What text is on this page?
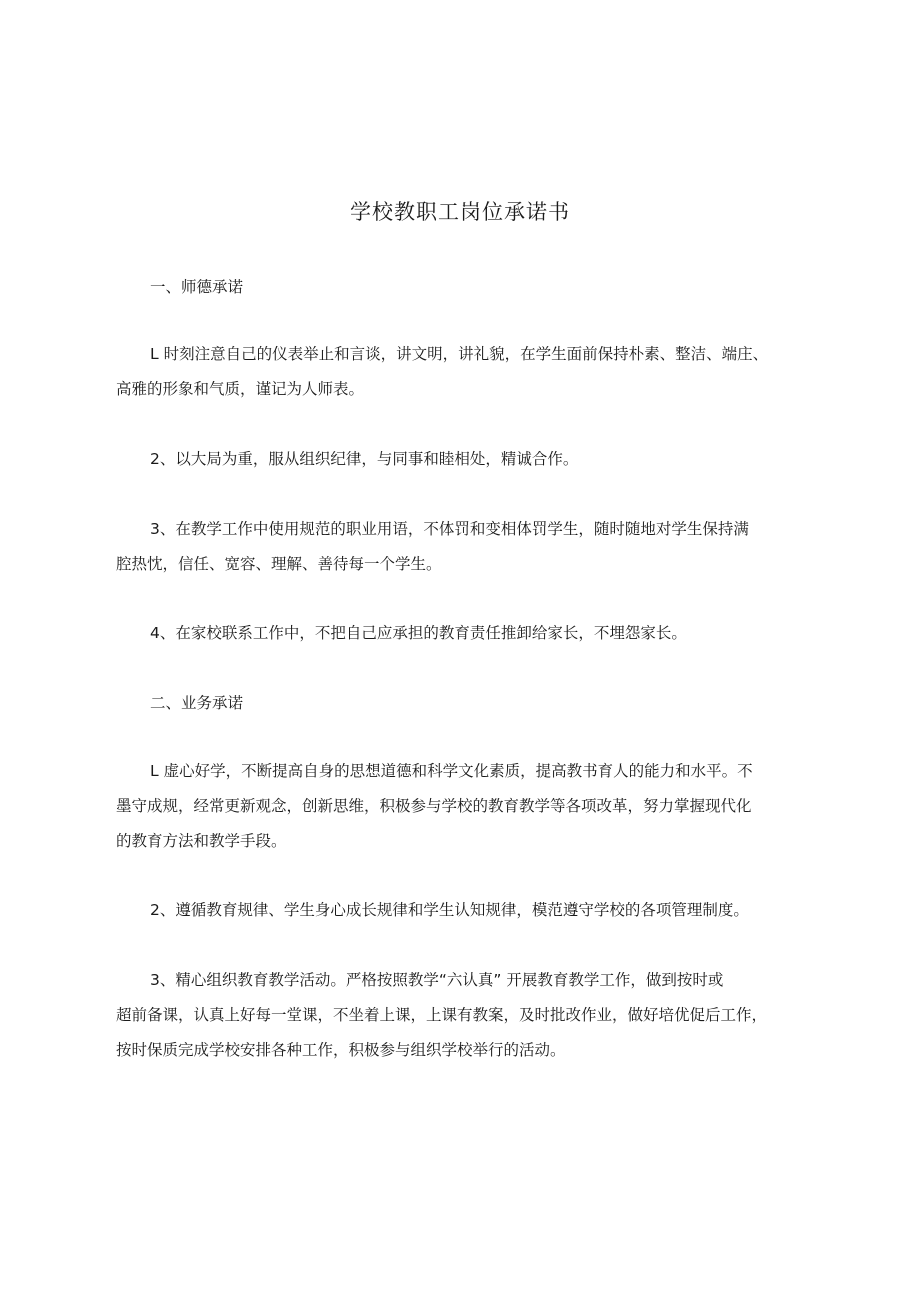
学校教职工岗位承诺书

一、师德承诺

L 时刻注意自己的仪表举止和言谈，讲文明，讲礼貌，在学生面前保持朴素、整洁、端庄、
高雅的形象和气质，谨记为人师表。

2、以大局为重，服从组织纪律，与同事和睦相处，精诚合作。

3、在教学工作中使用规范的职业用语，不体罚和变相体罚学生，随时随地对学生保持满
腔热忱，信任、宽容、理解、善待每一个学生。

4、在家校联系工作中，不把自己应承担的教育责任推卸给家长，不埋怨家长。

二、业务承诺

L 虚心好学，不断提高自身的思想道德和科学文化素质，提高教书育人的能力和水平。不
墨守成规，经常更新观念，创新思维，积极参与学校的教育教学等各项改革，努力掌握现代化
的教育方法和教学手段。

2、遵循教育规律、学生身心成长规律和学生认知规律，模范遵守学校的各项管理制度。

3、精心组织教育教学活动。严格按照教学“六认真” 开展教育教学工作，做到按时或
超前备课，认真上好每一堂课，不坐着上课，上课有教案，及时批改作业，做好培优促后工作，
按时保质完成学校安排各种工作，积极参与组织学校举行的活动。
